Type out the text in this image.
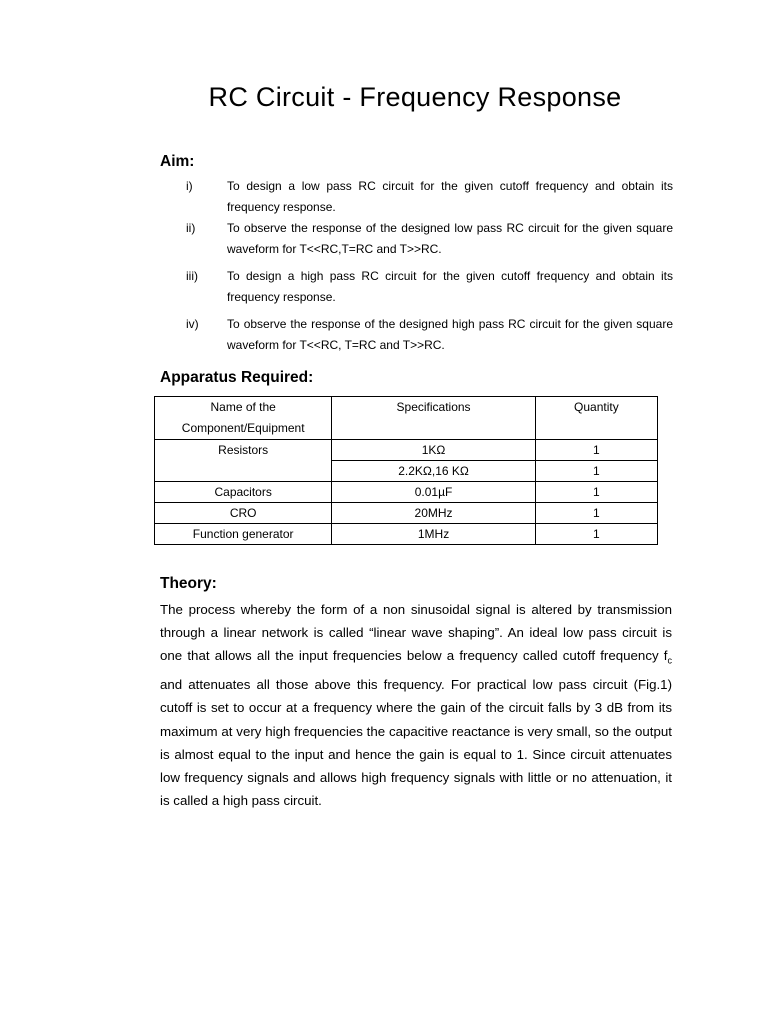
RC Circuit - Frequency Response
Aim:
i)	To design a low pass RC circuit for the given cutoff frequency and obtain its frequency response.
ii)	To observe the response of the designed low pass RC circuit for the given square waveform for T<<RC,T=RC and T>>RC.
iii)	To design a high pass RC circuit for the given cutoff frequency and obtain its frequency response.
iv)	To observe the response of the designed high pass RC circuit for the given square waveform for T<<RC, T=RC and T>>RC.
Apparatus Required:
Name of the Component/Equipment	Specifications	Quantity
Resistors	1KΩ	1
	2.2KΩ,16 KΩ	1
Capacitors	0.01µF	1
CRO	20MHz	1
Function generator	1MHz	1
Theory:

The process whereby the form of a non sinusoidal signal is altered by transmission through a linear network is called “linear wave shaping”. An ideal low pass circuit is one that allows all the input frequencies below a frequency called cutoff frequency $f_c$ and attenuates all those above this frequency. For practical low pass circuit (Fig.1) cutoff is set to occur at a frequency where the gain of the circuit falls by 3 dB from its maximum at very high frequencies the capacitive reactance is very small, so the output is almost equal to the input and hence the gain is equal to 1. Since circuit attenuates low frequency signals and allows high frequency signals with little or no attenuation, it is called a high pass circuit.
